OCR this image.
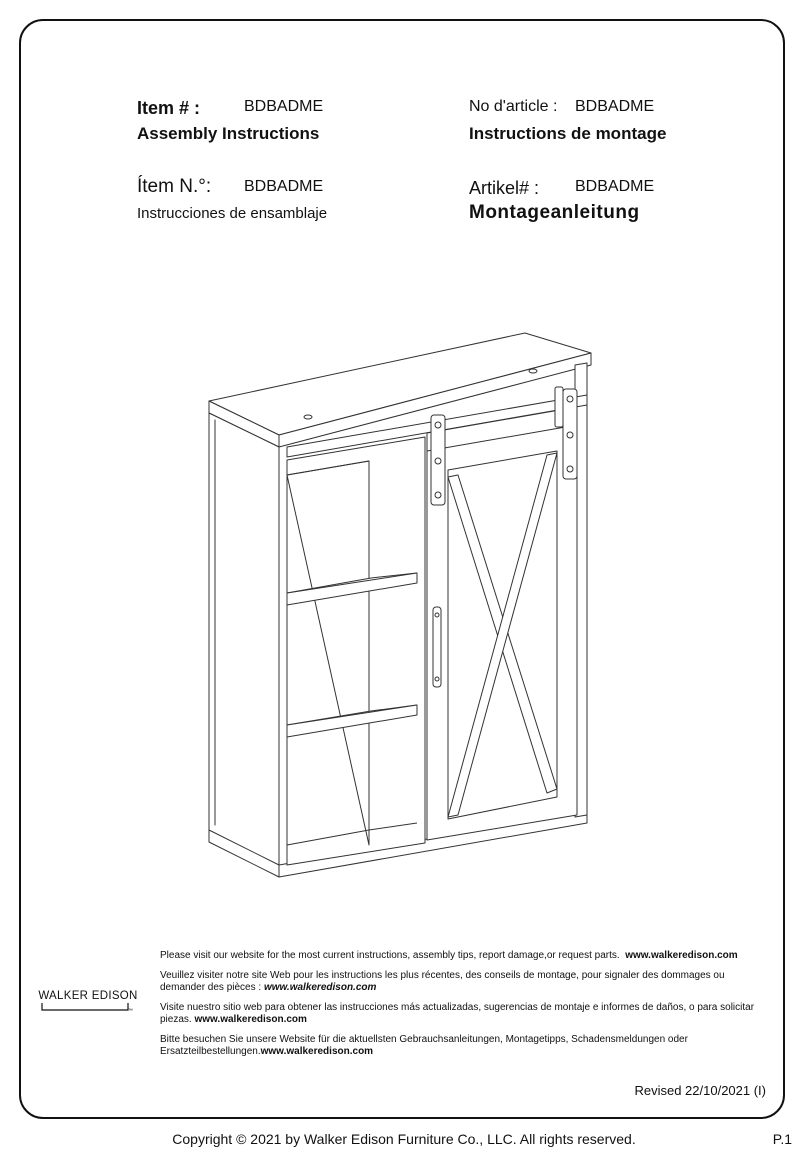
Item # :	BDBADME
Assembly Instructions
No d'article : BDBADME
Instructions de montage
Ítem N.°: BDBADME
Instrucciones de ensamblaje
Artikel# : BDBADME
Montageanleitung

Please visit our website for the most current instructions, assembly tips, report damage,or request parts. www.walkeredison.com

Veuillez visiter notre site Web pour les instructions les plus récentes, des conseils de montage, pour signaler des dommages ou demander des pièces : www.walkeredison.com

Visite nuestro sitio web para obtener las instrucciones más actualizadas, sugerencias de montaje e informes de daños, o para solicitar piezas. www.walkeredison.com

Bitte besuchen Sie unsere Website für die aktuellsten Gebrauchsanleitungen, Montagetipps, Schadensmeldungen oder Ersatzteilbestellungen.www.walkeredison.com

WALKER EDISON
™
Revised 22/10/2021 (I)
Copyright © 2021 by Walker Edison Furniture Co., LLC. All rights reserved.	P.1
